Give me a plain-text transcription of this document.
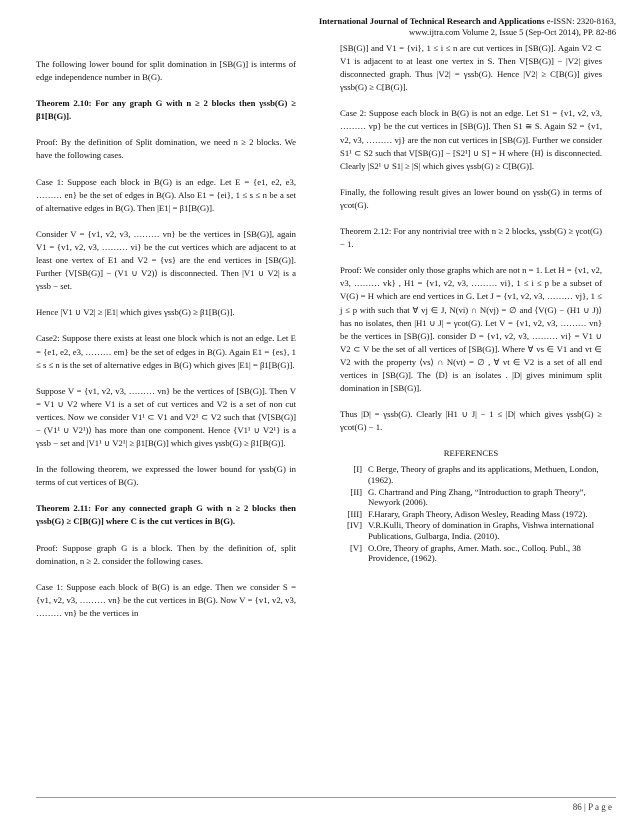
International Journal of Technical Research and Applications e-ISSN: 2320-8163,
www.ijtra.com Volume 2, Issue 5 (Sep-Oct 2014), PP. 82-86

The following lower bound for split domination in [SB(G)] is interms of edge independence number in B(G).

Theorem 2.10: For any graph G with n ≥ 2 blocks then γssb(G) ≥ β1[B(G)].

Proof: By the definition of Split domination, we need n ≥ 2 blocks. We have the following cases.

Case 1: Suppose each block in B(G) is an edge. Let E = {e1, e2, e3, ……… en} be the set of edges in B(G). Also E1 = {ei}, 1 ≤ s ≤ n be a set of alternative edges in B(G). Then |E1| = β1[B(G)].

Consider V = {v1, v2, v3, ……… vn} be the vertices in [SB(G)], again V1 = {v1, v2, v3, ……… vi} be the cut vertices which are adjacent to at least one vertex of E1 and V2 = {vs} are the end vertices in [SB(G)]. Further ⟨V[SB(G)] − (V1 ∪ V2)⟩ is disconnected. Then |V1 ∪ V2| is a γssb − set.

Hence |V1 ∪ V2| ≥ |E1| which gives γssb(G) ≥ β1[B(G)].

Case2: Suppose there exists at least one block which is not an edge. Let E = {e1, e2, e3, ……… em} be the set of edges in B(G). Again E1 = {es}, 1 ≤ s ≤ n is the set of alternative edges in B(G) which gives |E1| = β1[B(G)].

Suppose V = {v1, v2, v3, ……… vn} be the vertices of [SB(G)]. Then V = V1 ∪ V2 where V1 is a set of cut vertices and V2 is a set of non cut vertices. Now we consider V1¹ ⊂ V1 and V2¹ ⊂ V2 such that ⟨V[SB(G)] − (V1¹ ∪ V2¹)⟩ has more than one component. Hence {V1¹ ∪ V2¹} is a γssb − set and |V1¹ ∪ V2¹| ≥ β1[B(G)] which gives γssb(G) ≥ β1[B(G)].

In the following theorem, we expressed the lower bound for γssb(G) in terms of cut vertices of B(G).

Theorem 2.11: For any connected graph G with n ≥ 2 blocks then γssb(G) ≥ C[B(G)] where C is the cut vertices in B(G).

Proof: Suppose graph G is a block. Then by the definition of, split domination, n ≥ 2. consider the following cases.

Case 1: Suppose each block of B(G) is an edge. Then we consider S = {v1, v2, v3, ……… vn} be the cut vertices in B(G). Now V = {v1, v2, v3, ……… vn} be the vertices in

[SB(G)] and V1 = {vi}, 1 ≤ i ≤ n are cut vertices in [SB(G)]. Again V2 ⊂ V1 is adjacent to at least one vertex in S. Then V[SB(G)] − |V2| gives disconnected graph. Thus |V2| = γssb(G). Hence |V2| ≥ C[B(G)] gives γssb(G) ≥ C[B(G)].

Case 2: Suppose each block in B(G) is not an edge. Let S1 = {v1, v2, v3, ……… vp} be the cut vertices in [SB(G)]. Then S1 ≅ S. Again S2 = {v1, v2, v3, ……… vj} are the non cut vertices in [SB(G)]. Further we consider S1¹ ⊂ S2 such that V[SB(G)] − [S2¹] ∪ S] = H where ⟨H⟩ is disconnected. Clearly |S2¹ ∪ S1| ≥ |S| which gives γssb(G) ≥ C[B(G)].

Finally, the following result gives an lower bound on γssb(G) in terms of γcot(G).

Theorem 2.12: For any nontrivial tree with n ≥ 2 blocks, γssb(G) ≥ γcot(G) − 1.

Proof: We consider only those graphs which are not n = 1. Let H = {v1, v2, v3, ……… vk} , H1 = {v1, v2, v3, ……… vi}, 1 ≤ i ≤ p be a subset of V(G) = H which are end vertices in G. Let J = {v1, v2, v3, ……… vj}, 1 ≤ j ≤ p with such that ∀ vj ∈ J, N(vi) ∩ N(vj) = ∅ and ⟨V(G) − (H1 ∪ J)⟩ has no isolates, then |H1 ∪ J| = γcot(G). Let V = {v1, v2, v3, ……… vn} be the vertices in [SB(G)]. consider D = {v1, v2, v3, ……… vi} = V1 ∪ V2 ⊂ V be the set of all vertices of [SB(G)]. Where ∀ vs ∈ V1 and vt ∈ V2 with the property ⟨vs⟩ ∩ N(vt) = ∅ , ∀ vt ∈ V2 is a set of all end vertices in [SB(G)]. The ⟨D⟩ is an isolates . |D| gives minimum split domination in [SB(G)].

Thus |D| = γssb(G). Clearly |H1 ∪ J| − 1 ≤ |D| which gives γssb(G) ≥ γcot(G) − 1.

REFERENCES
[I] C Berge, Theory of graphs and its applications, Methuen, London, (1962).
[II] G. Chartrand and Ping Zhang, “Introduction to graph Theory”, Newyork (2006).
[III] F.Harary, Graph Theory, Adison Wesley, Reading Mass (1972).
[IV] V.R.Kulli, Theory of domination in Graphs, Vishwa international Publications, Gulbarga, India. (2010).
[V] O.Ore, Theory of graphs, Amer. Math. soc., Colloq. Publ., 38 Providence, (1962).
86 | P a g e
